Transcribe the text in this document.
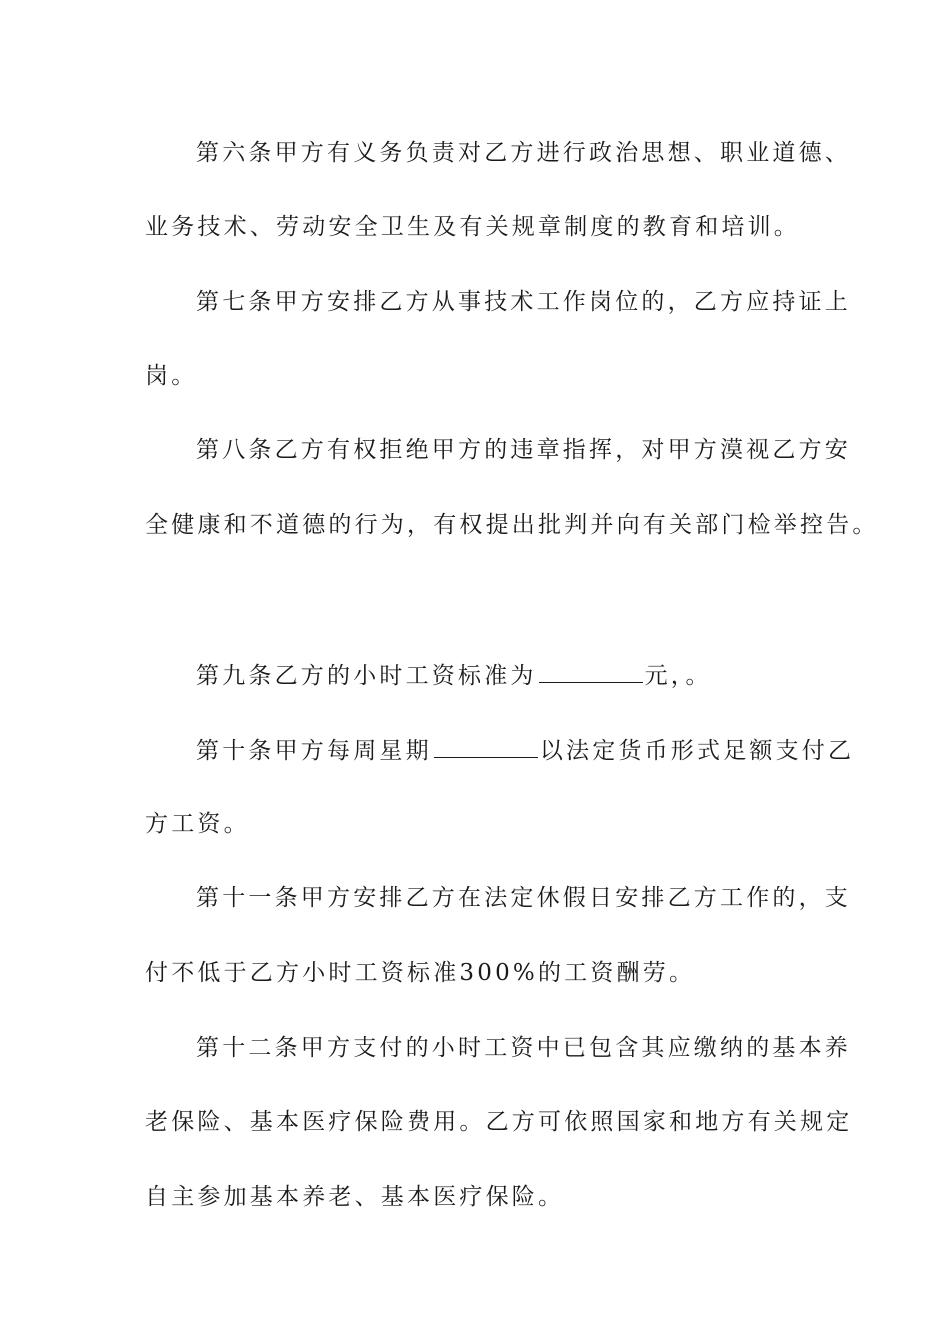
第六条甲方有义务负责对乙方进行政治思想、职业道德、
业务技术、劳动安全卫生及有关规章制度的教育和培训。
第七条甲方安排乙方从事技术工作岗位的，乙方应持证上
岗。
第八条乙方有权拒绝甲方的违章指挥，对甲方漠视乙方安
全健康和不道德的行为，有权提出批判并向有关部门检举控告。
第九条乙方的小时工资标准为	元，。
第十条甲方每周星期	以法定货币形式足额支付乙
方工资。
第十一条甲方安排乙方在法定休假日安排乙方工作的，支
付不低于乙方小时工资标准300%的工资酬劳。
第十二条甲方支付的小时工资中已包含其应缴纳的基本养
老保险、基本医疗保险费用。乙方可依照国家和地方有关规定
自主参加基本养老、基本医疗保险。
